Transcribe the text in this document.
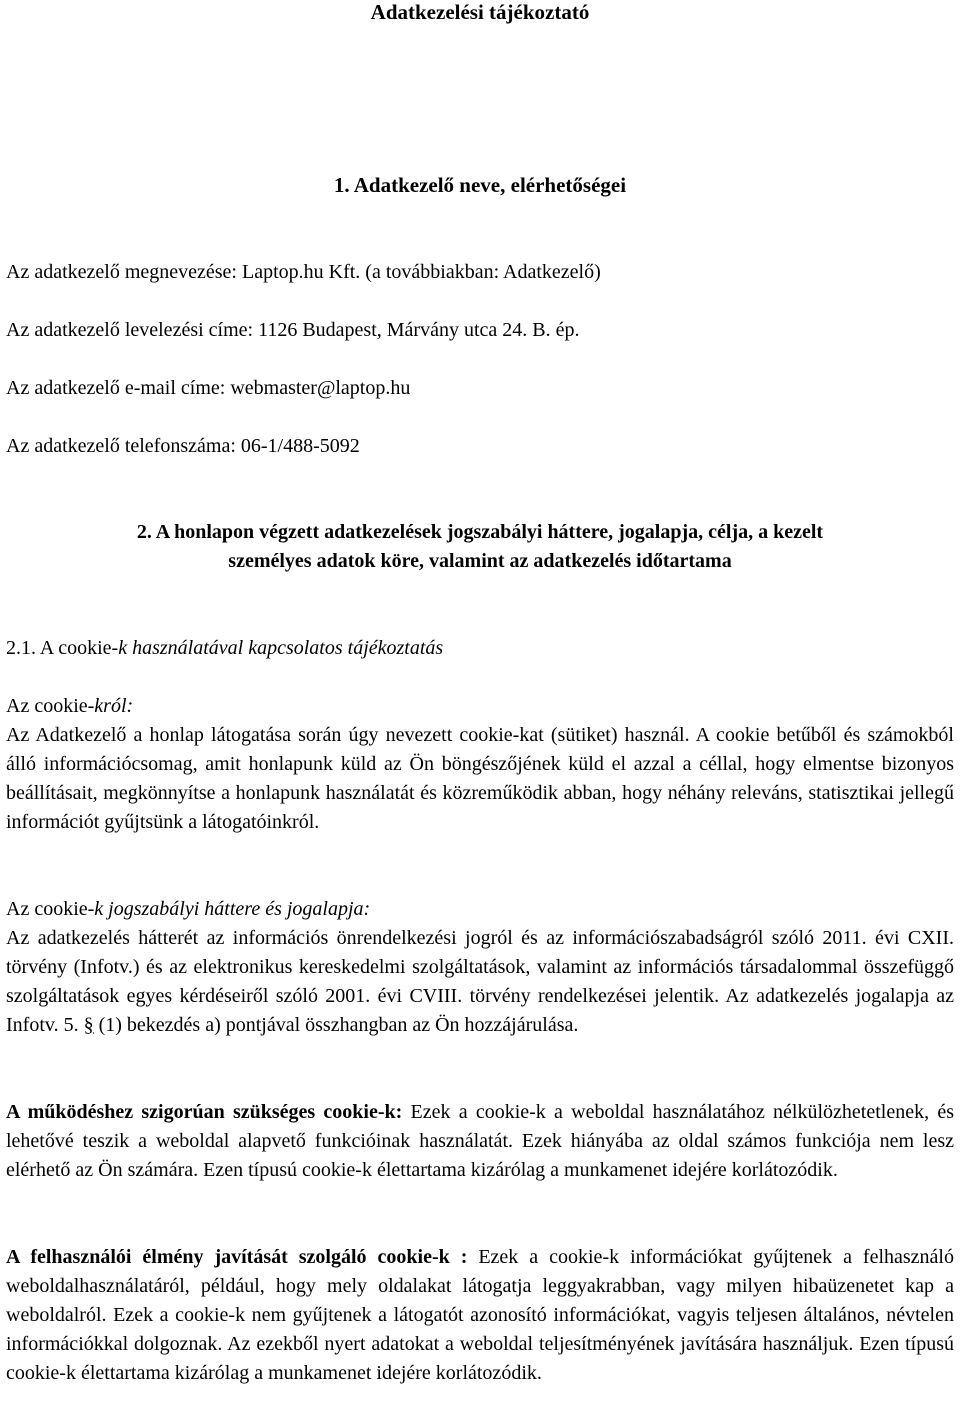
Adatkezelési tájékoztató
1. Adatkezelő neve, elérhetőségei
Az adatkezelő megnevezése: Laptop.hu Kft. (a továbbiakban: Adatkezelő)
Az adatkezelő levelezési címe: 1126 Budapest, Márvány utca 24. B. ép.
Az adatkezelő e-mail címe: webmaster@laptop.hu
Az adatkezelő telefonszáma: 06-1/488-5092
2. A honlapon végzett adatkezelések jogszabályi háttere, jogalapja, célja, a kezelt
személyes adatok köre, valamint az adatkezelés időtartama
2.1. A cookie-k használatával kapcsolatos tájékoztatás
Az cookie-król:
Az Adatkezelő a honlap látogatása során úgy nevezett cookie-kat (sütiket) használ. A cookie betűből és számokból álló információcsomag, amit honlapunk küld az Ön böngészőjének küld el azzal a céllal, hogy elmentse bizonyos beállításait, megkönnyítse a honlapunk használatát és közreműködik abban, hogy néhány releváns, statisztikai jellegű információt gyűjtsünk a látogatóinkról.
Az cookie-k jogszabályi háttere és jogalapja:
Az adatkezelés hátterét az információs önrendelkezési jogról és az információszabadságról szóló 2011. évi CXII. törvény (Infotv.) és az elektronikus kereskedelmi szolgáltatások, valamint az információs társadalommal összefüggő szolgáltatások egyes kérdéseiről szóló 2001. évi CVIII. törvény rendelkezései jelentik. Az adatkezelés jogalapja az Infotv. 5. § (1) bekezdés a) pontjával összhangban az Ön hozzájárulása.
A működéshez szigorúan szükséges cookie-k: Ezek a cookie-k a weboldal használatához nélkülözhetetlenek, és lehetővé teszik a weboldal alapvető funkcióinak használatát. Ezek hiányába az oldal számos funkciója nem lesz elérhető az Ön számára. Ezen típusú cookie-k élettartama kizárólag a munkamenet idejére korlátozódik.
A felhasználói élmény javítását szolgáló cookie-k : Ezek a cookie-k információkat gyűjtenek a felhasználó weboldalhasználatáról, például, hogy mely oldalakat látogatja leggyakrabban, vagy milyen hibaüzenetet kap a weboldalról. Ezek a cookie-k nem gyűjtenek a látogatót azonosító információkat, vagyis teljesen általános, névtelen információkkal dolgoznak. Az ezekből nyert adatokat a weboldal teljesítményének javítására használjuk. Ezen típusú cookie-k élettartama kizárólag a munkamenet idejére korlátozódik.
